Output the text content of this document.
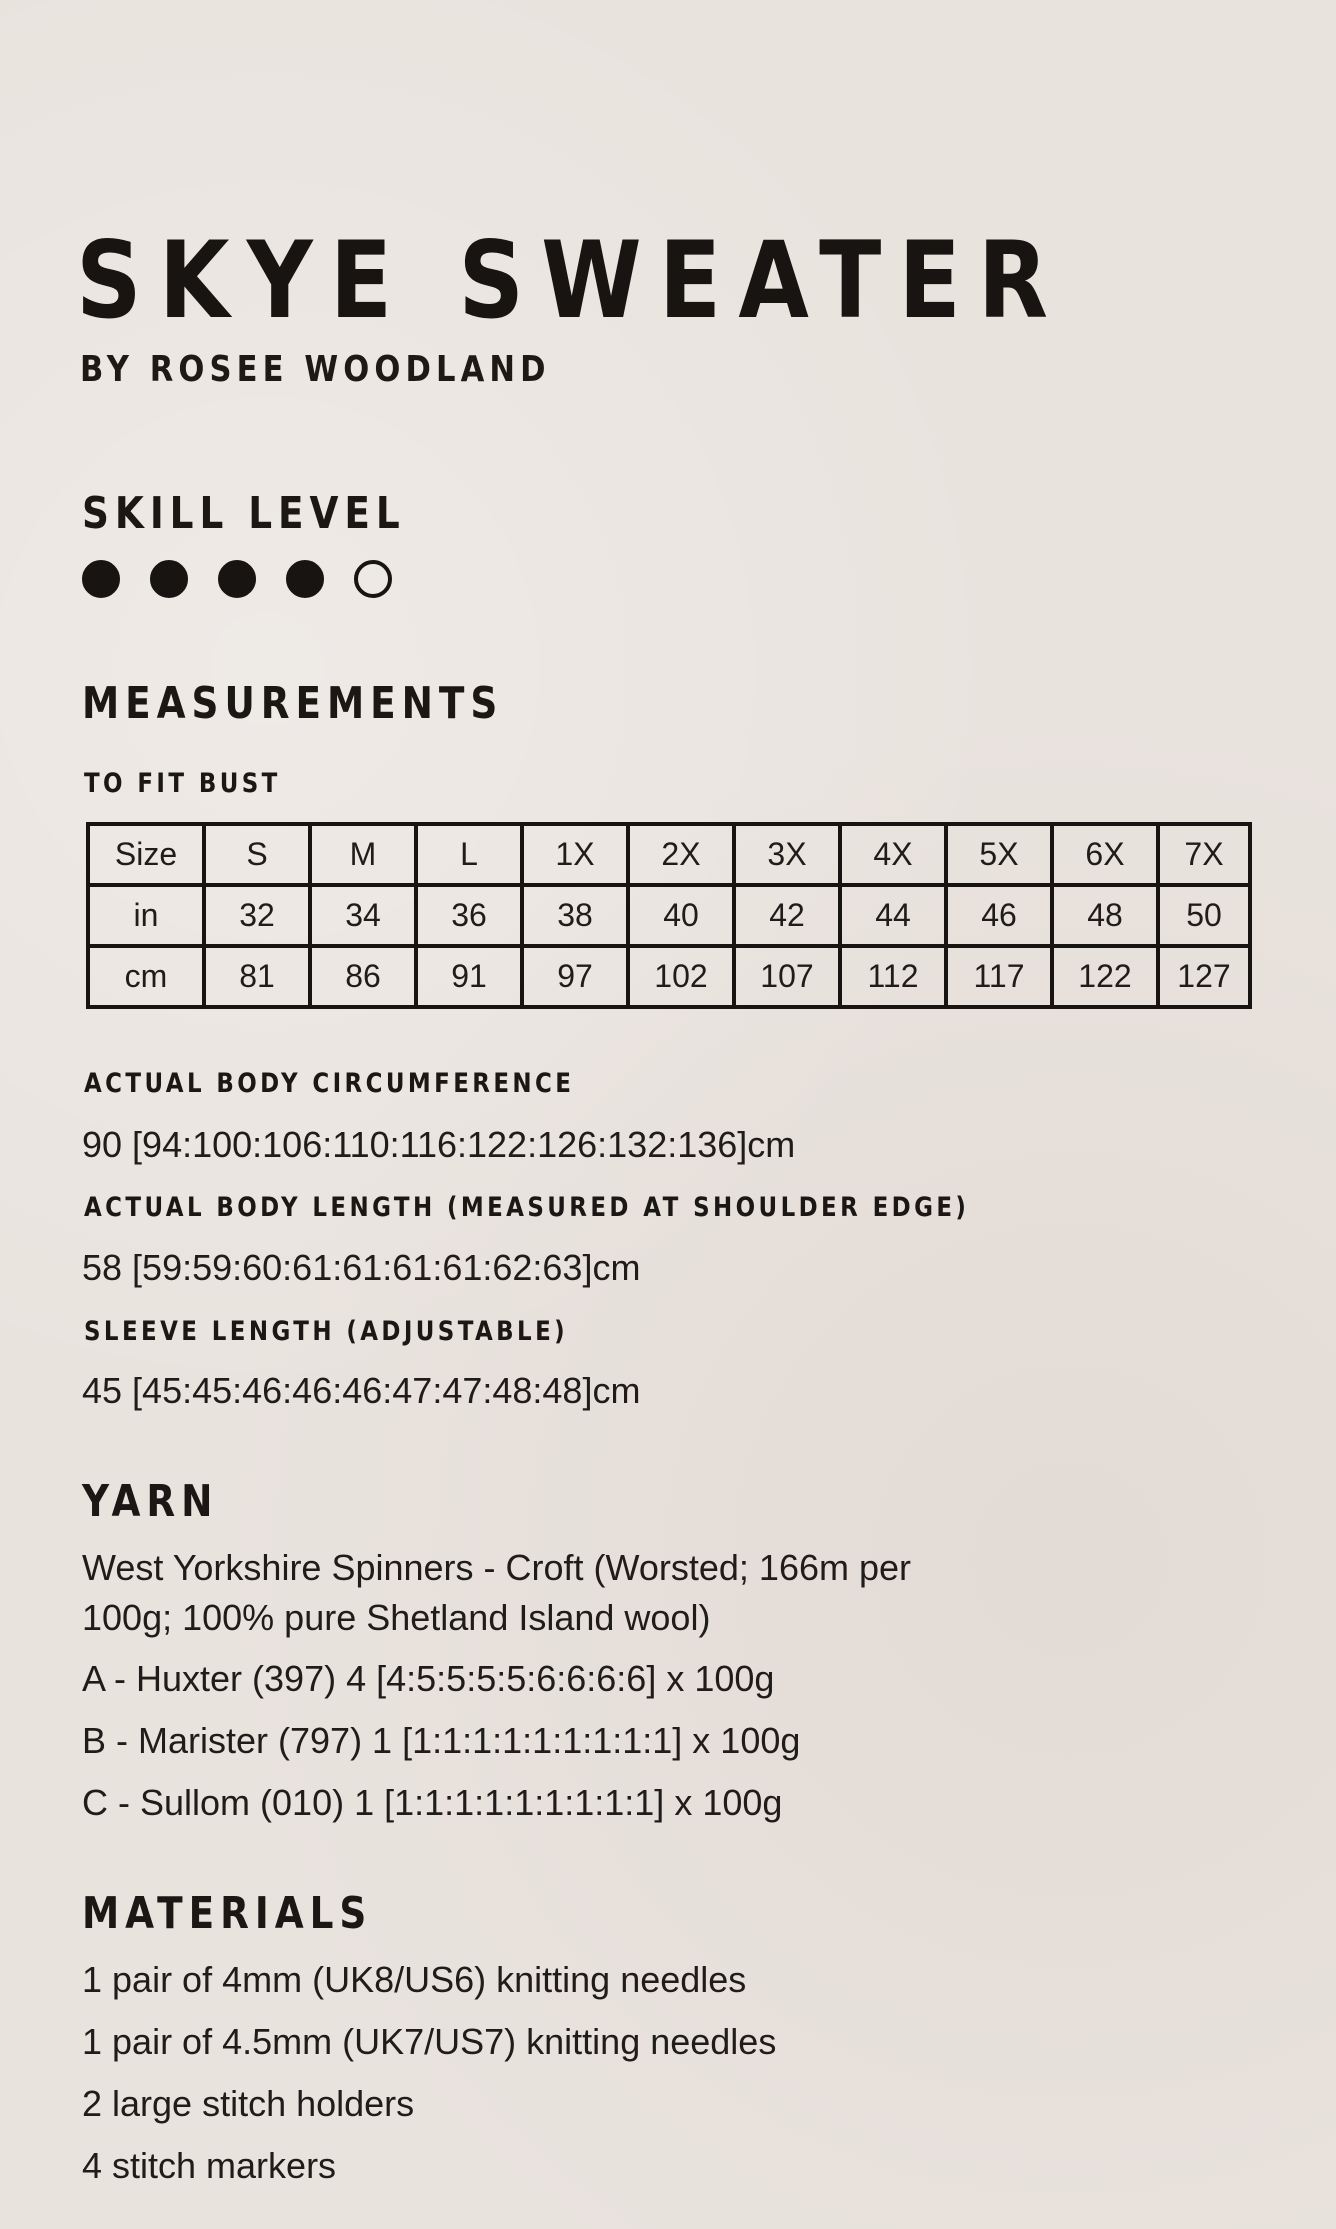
SKYE SWEATER
BY ROSEE WOODLAND
SKILL LEVEL
MEASUREMENTS
TO FIT BUST
Size	S	M	L	1X	2X	3X	4X	5X	6X	7X
in	32	34	36	38	40	42	44	46	48	50
cm	81	86	91	97	102	107	112	117	122	127
ACTUAL BODY CIRCUMFERENCE
90 [94:100:106:110:116:122:126:132:136]cm
ACTUAL BODY LENGTH (MEASURED AT SHOULDER EDGE)
58 [59:59:60:61:61:61:61:62:63]cm
SLEEVE LENGTH (ADJUSTABLE)
45 [45:45:46:46:46:47:47:48:48]cm
YARN
West Yorkshire Spinners - Croft (Worsted; 166m per
100g; 100% pure Shetland Island wool)
A - Huxter (397) 4 [4:5:5:5:5:6:6:6:6] x 100g
B - Marister (797) 1 [1:1:1:1:1:1:1:1:1] x 100g
C - Sullom (010) 1 [1:1:1:1:1:1:1:1:1] x 100g
MATERIALS
1 pair of 4mm (UK8/US6) knitting needles
1 pair of 4.5mm (UK7/US7) knitting needles
2 large stitch holders
4 stitch markers
